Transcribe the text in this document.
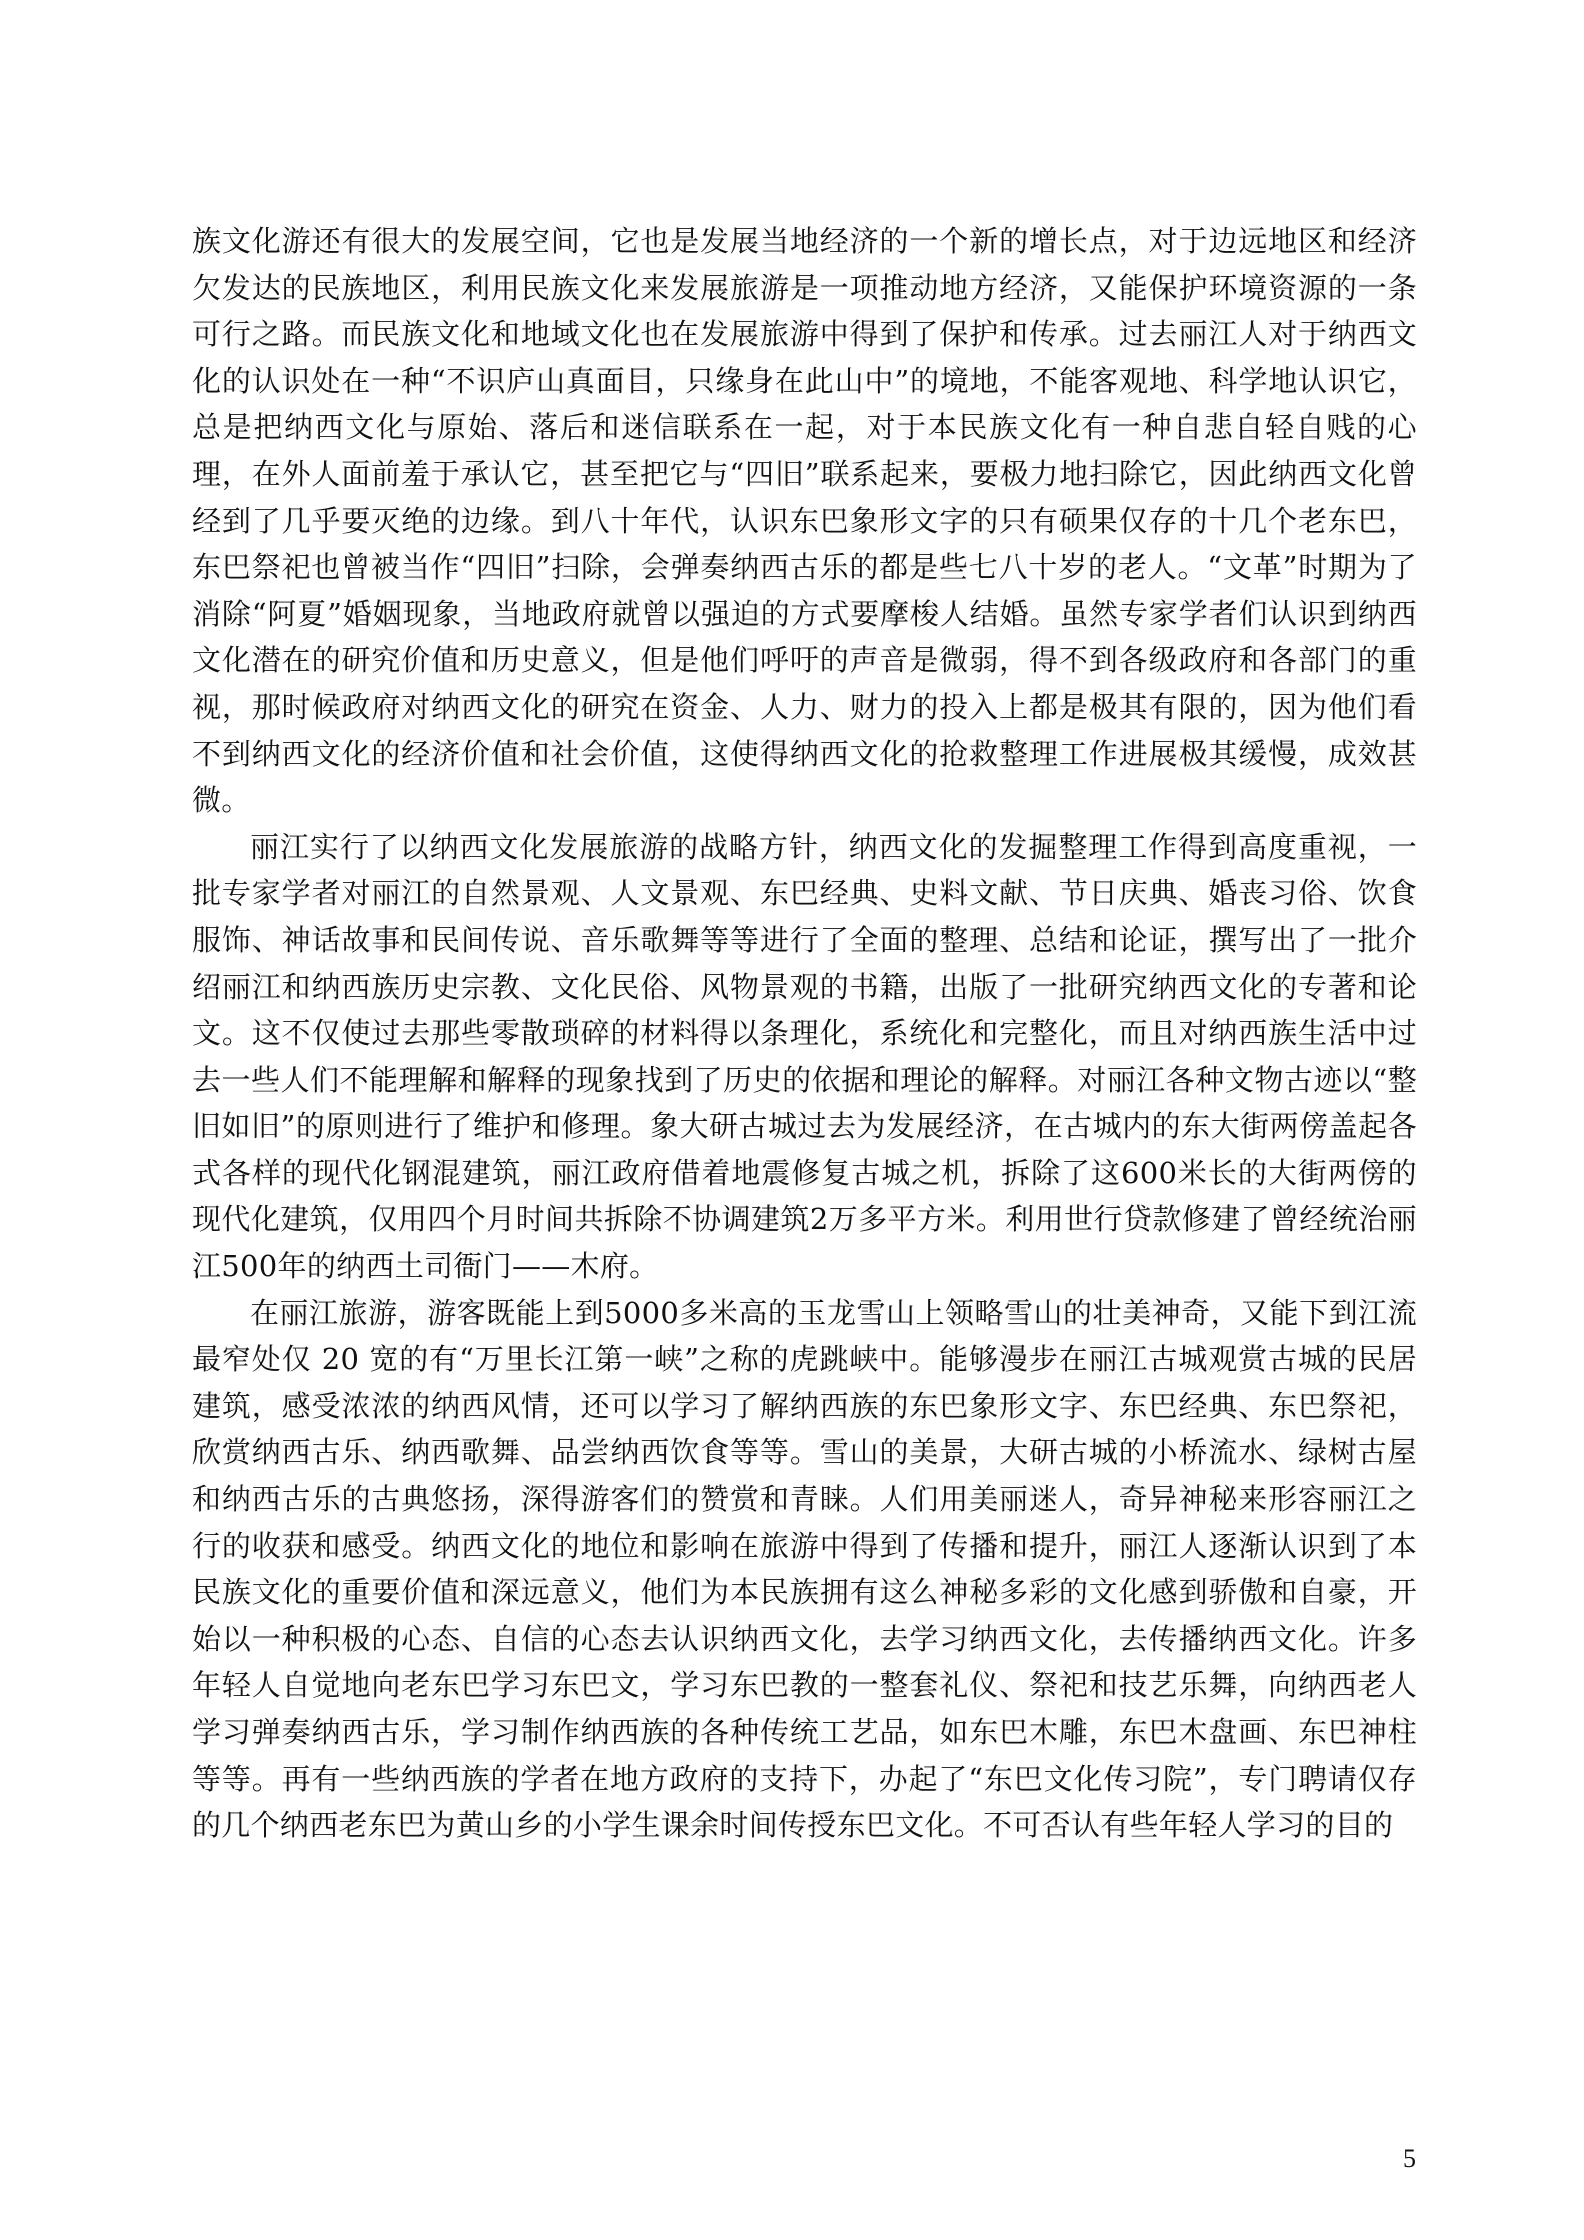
族文化游还有很大的发展空间，它也是发展当地经济的一个新的增长点，对于边远地区和经济欠发达的民族地区，利用民族文化来发展旅游是一项推动地方经济，又能保护环境资源的一条可行之路。而民族文化和地域文化也在发展旅游中得到了保护和传承。过去丽江人对于纳西文化的认识处在一种“不识庐山真面目，只缘身在此山中”的境地，不能客观地、科学地认识它，总是把纳西文化与原始、落后和迷信联系在一起，对于本民族文化有一种自悲自轻自贱的心理，在外人面前羞于承认它，甚至把它与“四旧”联系起来，要极力地扫除它，因此纳西文化曾经到了几乎要灭绝的边缘。到八十年代，认识东巴象形文字的只有硕果仅存的十几个老东巴，东巴祭祀也曾被当作“四旧”扫除，会弹奏纳西古乐的都是些七八十岁的老人。“文革”时期为了消除“阿夏”婚姻现象，当地政府就曾以强迫的方式要摩梭人结婚。虽然专家学者们认识到纳西文化潜在的研究价值和历史意义，但是他们呼吁的声音是微弱，得不到各级政府和各部门的重视，那时候政府对纳西文化的研究在资金、人力、财力的投入上都是极其有限的，因为他们看不到纳西文化的经济价值和社会价值，这使得纳西文化的抢救整理工作进展极其缓慢，成效甚微。

丽江实行了以纳西文化发展旅游的战略方针，纳西文化的发掘整理工作得到高度重视，一批专家学者对丽江的自然景观、人文景观、东巴经典、史料文献、节日庆典、婚丧习俗、饮食服饰、神话故事和民间传说、音乐歌舞等等进行了全面的整理、总结和论证，撰写出了一批介绍丽江和纳西族历史宗教、文化民俗、风物景观的书籍，出版了一批研究纳西文化的专著和论文。这不仅使过去那些零散琐碎的材料得以条理化，系统化和完整化，而且对纳西族生活中过去一些人们不能理解和解释的现象找到了历史的依据和理论的解释。对丽江各种文物古迹以“整旧如旧”的原则进行了维护和修理。象大研古城过去为发展经济，在古城内的东大街两傍盖起各式各样的现代化钢混建筑，丽江政府借着地震修复古城之机，拆除了这600米长的大街两傍的现代化建筑，仅用四个月时间共拆除不协调建筑2万多平方米。利用世行贷款修建了曾经统治丽江500年的纳西土司衙门——木府。

在丽江旅游，游客既能上到5000多米高的玉龙雪山上领略雪山的壮美神奇，又能下到江流最窄处仅 20 宽的有“万里长江第一峡”之称的虎跳峡中。能够漫步在丽江古城观赏古城的民居建筑，感受浓浓的纳西风情，还可以学习了解纳西族的东巴象形文字、东巴经典、东巴祭祀，欣赏纳西古乐、纳西歌舞、品尝纳西饮食等等。雪山的美景，大研古城的小桥流水、绿树古屋和纳西古乐的古典悠扬，深得游客们的赞赏和青睐。人们用美丽迷人，奇异神秘来形容丽江之行的收获和感受。纳西文化的地位和影响在旅游中得到了传播和提升，丽江人逐渐认识到了本民族文化的重要价值和深远意义，他们为本民族拥有这么神秘多彩的文化感到骄傲和自豪，开始以一种积极的心态、自信的心态去认识纳西文化，去学习纳西文化，去传播纳西文化。许多年轻人自觉地向老东巴学习东巴文，学习东巴教的一整套礼仪、祭祀和技艺乐舞，向纳西老人学习弹奏纳西古乐，学习制作纳西族的各种传统工艺品，如东巴木雕，东巴木盘画、东巴神柱等等。再有一些纳西族的学者在地方政府的支持下，办起了“东巴文化传习院”，专门聘请仅存的几个纳西老东巴为黄山乡的小学生课余时间传授东巴文化。不可否认有些年轻人学习的目的

5
